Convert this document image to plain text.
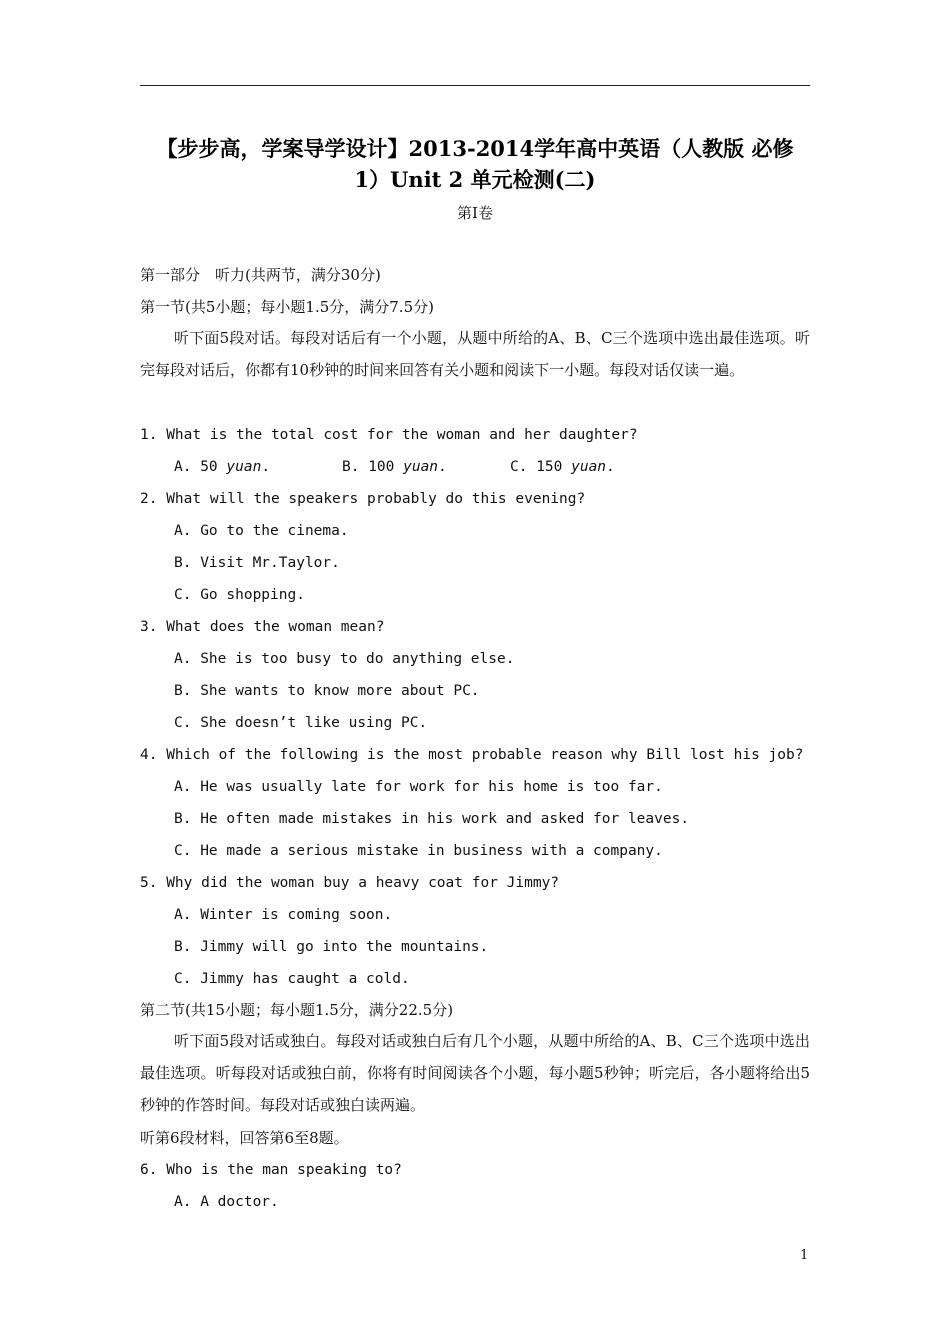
【步步高，学案导学设计】2013-2014学年高中英语（人教版 必修
1）Unit 2 单元检测(二)
第Ⅰ卷
第一部分　听力(共两节，满分30分)
第一节(共5小题；每小题1.5分，满分7.5分)
听下面5段对话。每段对话后有一个小题，从题中所给的A、B、C三个选项中选出最佳选项。听完每段对话后，你都有10秒钟的时间来回答有关小题和阅读下一小题。每段对话仅读一遍。
1. What is the total cost for the woman and her daughter?
A. 50 yuan.	B. 100 yuan.	C. 150 yuan.
2. What will the speakers probably do this evening?
A. Go to the cinema.
B. Visit Mr.Taylor.
C. Go shopping.
3. What does the woman mean?
A. She is too busy to do anything else.
B. She wants to know more about PC.
C. She doesn’t like using PC.
4. Which of the following is the most probable reason why Bill lost his job?
A. He was usually late for work for his home is too far.
B. He often made mistakes in his work and asked for leaves.
C. He made a serious mistake in business with a company.
5. Why did the woman buy a heavy coat for Jimmy?
A. Winter is coming soon.
B. Jimmy will go into the mountains.
C. Jimmy has caught a cold.
第二节(共15小题；每小题1.5分，满分22.5分)
听下面5段对话或独白。每段对话或独白后有几个小题，从题中所给的A、B、C三个选项中选出最佳选项。听每段对话或独白前，你将有时间阅读各个小题，每小题5秒钟；听完后，各小题将给出5秒钟的作答时间。每段对话或独白读两遍。
听第6段材料，回答第6至8题。
6. Who is the man speaking to?
A. A doctor.
1
